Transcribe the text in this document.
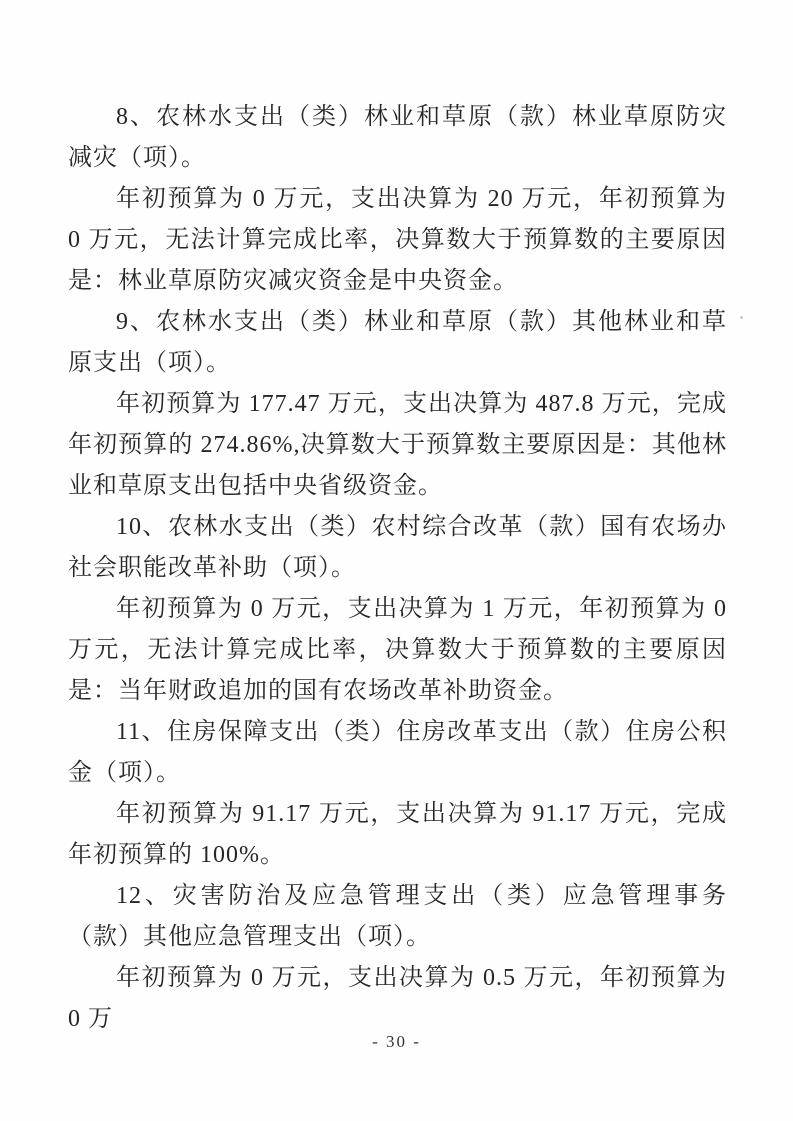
8、农林水支出（类）林业和草原（款）林业草原防灾减灾（项）。

年初预算为 0 万元，支出决算为 20 万元，年初预算为 0 万元，无法计算完成比率，决算数大于预算数的主要原因是：林业草原防灾减灾资金是中央资金。

9、农林水支出（类）林业和草原（款）其他林业和草原支出（项）。

年初预算为 177.47 万元，支出决算为 487.8 万元，完成年初预算的 274.86%,决算数大于预算数主要原因是：其他林业和草原支出包括中央省级资金。

10、农林水支出（类）农村综合改革（款）国有农场办社会职能改革补助（项）。

年初预算为 0 万元，支出决算为 1 万元，年初预算为 0 万元，无法计算完成比率，决算数大于预算数的主要原因是：当年财政追加的国有农场改革补助资金。

11、住房保障支出（类）住房改革支出（款）住房公积金（项）。

年初预算为 91.17 万元，支出决算为 91.17 万元，完成年初预算的 100%。

12、灾害防治及应急管理支出（类）应急管理事务（款）其他应急管理支出（项）。

年初预算为 0 万元，支出决算为 0.5 万元，年初预算为 0 万

- 30 -
